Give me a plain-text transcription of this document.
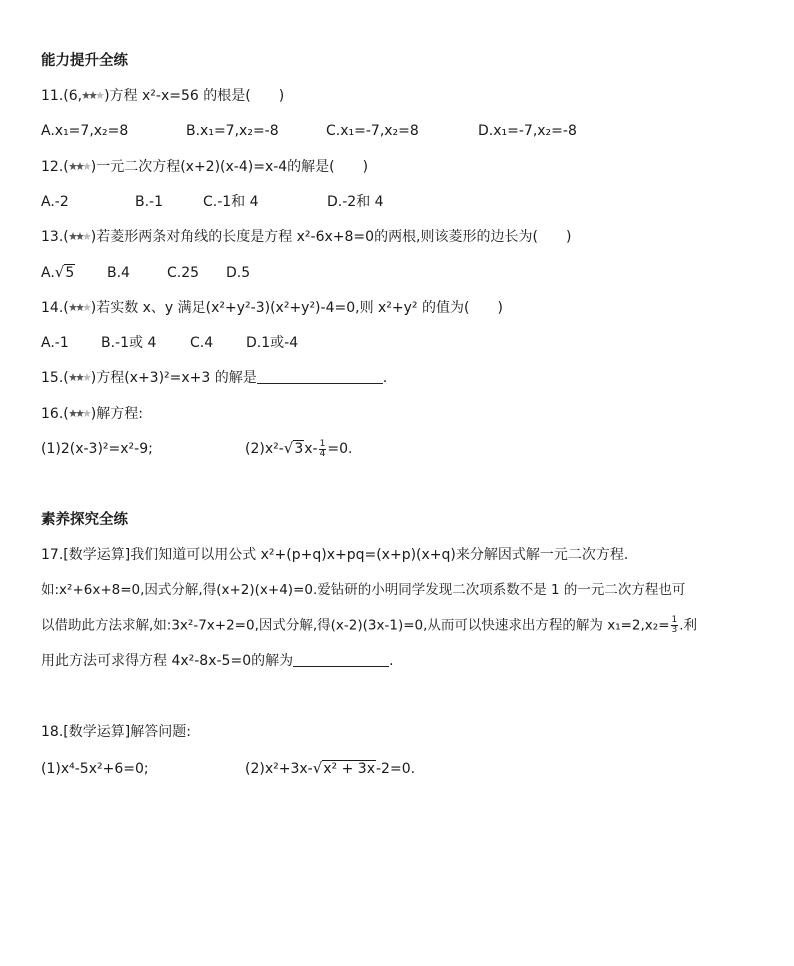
能力提升全练
11.(6, )方程 x²-x=56 的根是(　　)
A.x₁=7,x₂=8	B.x₁=7,x₂=-8	C.x₁=-7,x₂=8	D.x₁=-7,x₂=-8
12.( )一元二次方程(x+2)(x-4)=x-4的解是(　　)
A.-2	B.-1	C.-1和 4	D.-2和 4
13.( )若菱形两条对角线的长度是方程 x²-6x+8=0的两根,则该菱形的边长为(　　)
A.√5 B.4	C.25 D.5
14.( )若实数 x、y 满足(x²+y²-3)(x²+y²)-4=0,则 x²+y² 的值为(　　)
A.-1 B.-1或 4 C.4 D.1或-4
15.( )方程(x+3)²=x+3 的解是	.
16.( )解方程:
(1)2(x-3)²=x²-9;	$(2)x^2-√3x- \frac{1}{4} =0$.
素养探究全练
17.[数学运算]我们知道可以用公式 x²+(p+q)x+pq=(x+p)(x+q)来分解因式解一元二次方程.
如:x²+6x+8=0,因式分解,得(x+2)(x+4)=0.爱钻研的小明同学发现二次项系数不是 1 的一元二次方程也可
以借助此方法求解,如:3x²-7x+2=0,因式分解,得(x-2)(3x-1)=0,从而可以快速求出方程的解为 $x_1=2,x_2= \frac{1}{3}$ .利
用此方法可求得方程 4x²-8x-5=0的解为	.
18.[数学运算]解答问题:
(1)x⁴-5x²+6=0;	(2)x²+3x-√x² + 3x-2=0.
